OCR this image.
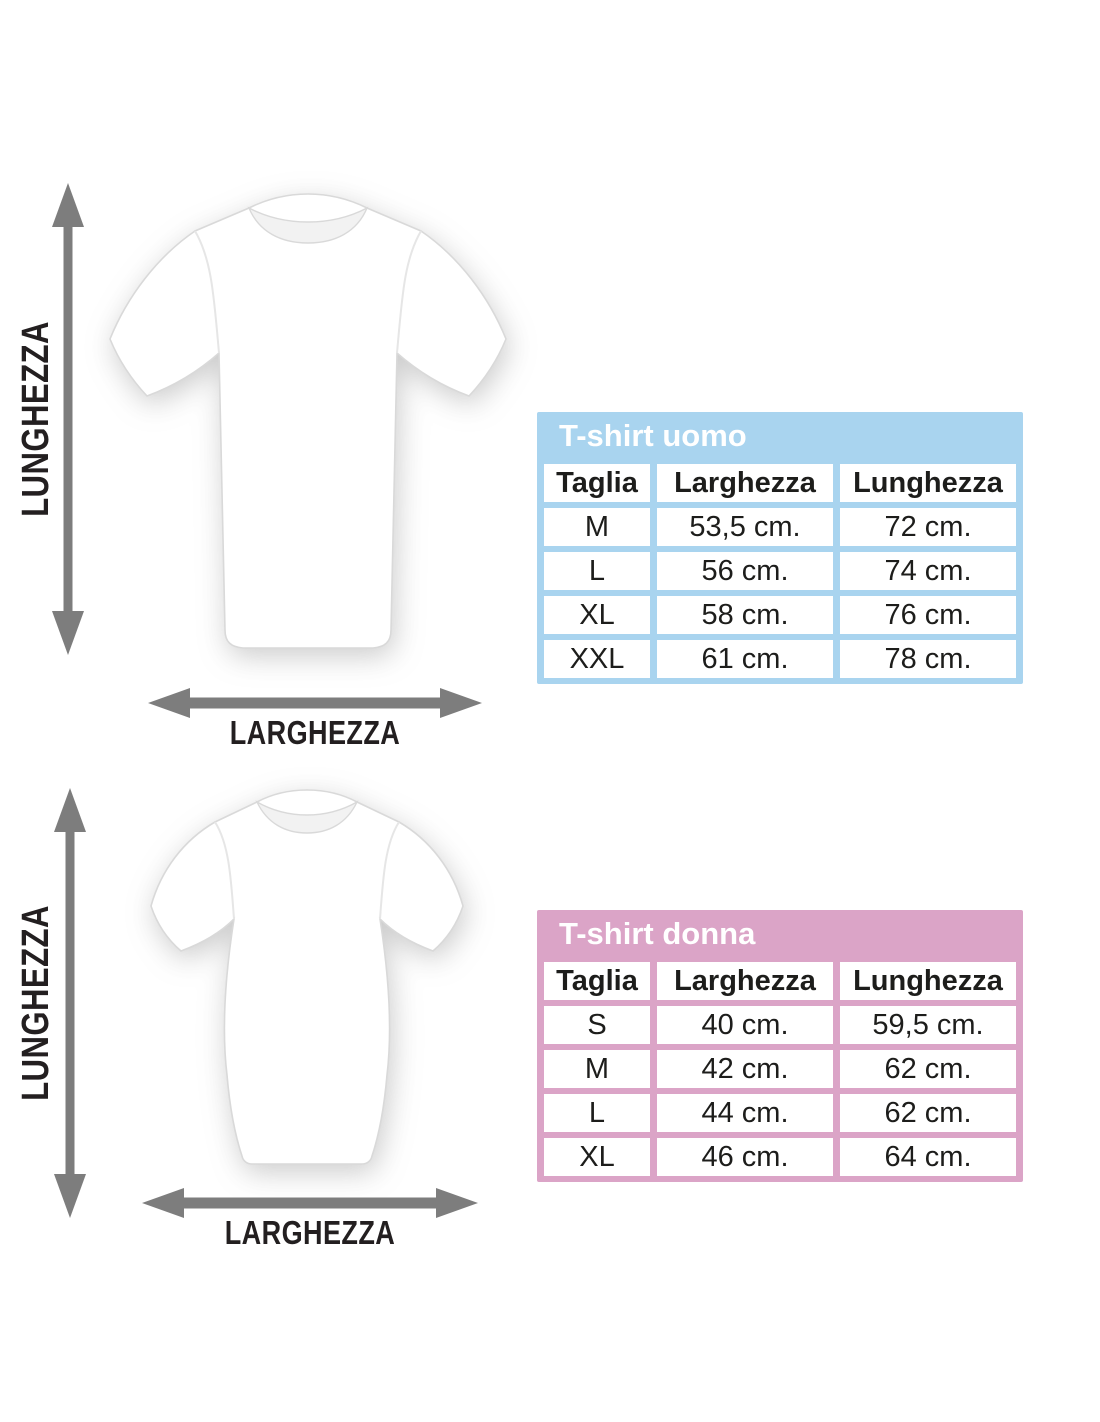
LUNGHEZZA
LARGHEZZA
T-shirt uomo
Taglia	Larghezza	Lunghezza
M	53,5 cm.	72 cm.
L	56 cm.	74 cm.
XL	58 cm.	76 cm.
XXL	61 cm.	78 cm.
LUNGHEZZA
LARGHEZZA
T-shirt donna
Taglia	Larghezza	Lunghezza
S	40 cm.	59,5 cm.
M	42 cm.	62 cm.
L	44 cm.	62 cm.
XL	46 cm.	64 cm.
